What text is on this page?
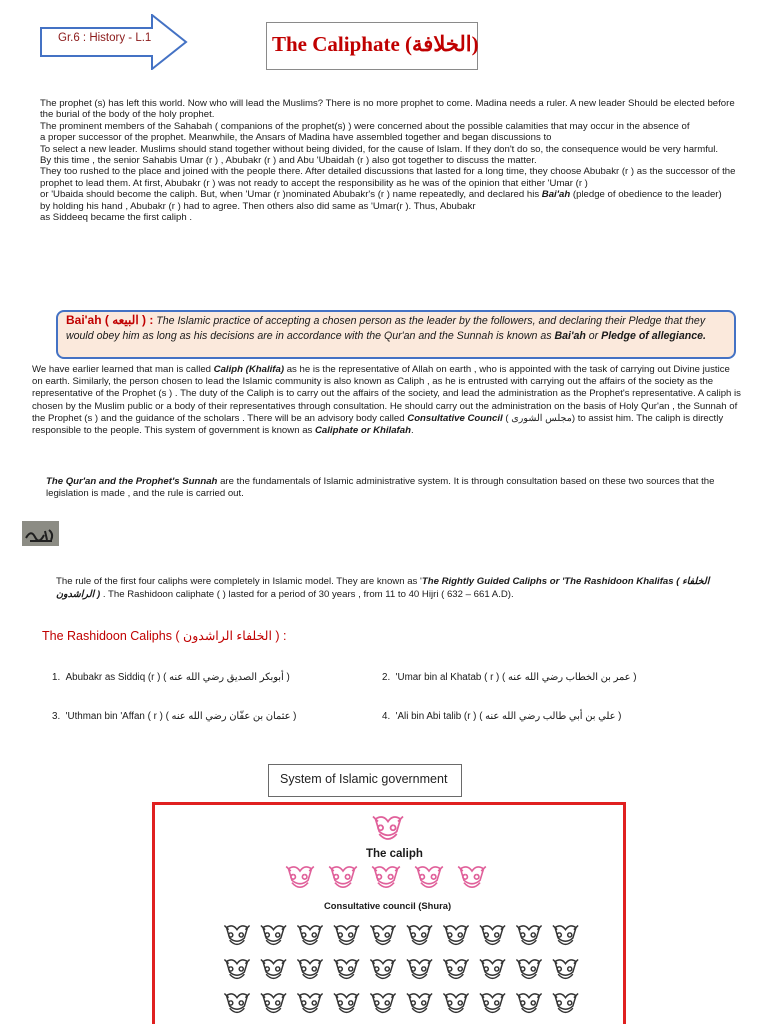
Gr.6 : History - L.1	The Caliphate (الخلافة)

The prophet (s) has left this world. Now who will lead the Muslims? There is no more prophet to come. Madina needs a ruler. A new leader Should be elected before the burial of the body of the holy prophet.

The prominent members of the Sahabah ( companions of the prophet(s) ) were concerned about the possible calamities that may occur in the absence of

a proper successor of the prophet. Meanwhile, the Ansars of Madina have assembled together and began discussions to

To select a new leader. Muslims should stand together without being divided, for the cause of Islam. If they don't do so, the consequence would be very harmful.

By this time , the senior Sahabis Umar (r ) , Abubakr (r ) and Abu 'Ubaidah (r ) also got together to discuss the matter.

They too rushed to the place and joined with the people there. After detailed discussions that lasted for a long time, they choose Abubakr (r ) as the successor of the prophet to lead them. At first, Abubakr (r ) was not ready to accept the responsibility as he was of the opinion that either 'Umar (r )

or 'Ubaida should become the caliph. But, when 'Umar (r )nominated Abubakr's (r ) name repeatedly, and declared his Bai'ah (pledge of obedience to the leader)

by holding his hand , Abubakr (r ) had to agree. Then others also did same as 'Umar(r ). Thus, Abubakr

as Siddeeq became the first caliph .

Bai'ah ( البيعه ) : The Islamic practice of accepting a chosen person as the leader by the followers, and declaring their Pledge that they would obey him as long as his decisions are in accordance with the Qur'an and the Sunnah is known as Bai'ah or Pledge of allegiance.

We have earlier learned that man is called Caliph (Khalifa) as he is the representative of Allah on earth , who is appointed with the task of carrying out Divine justice on earth. Similarly, the person chosen to lead the Islamic community is also known as Caliph , as he is entrusted with carrying out the affairs of the society as the representative of the Prophet (s ) . The duty of the Caliph is to carry out the affairs of the society, and lead the administration as the Prophet's representative. A caliph is chosen by the Muslim public or a body of their representatives through consultation. He should carry out the administration on the basis of Holy Qur'an , the Sunnah of the Prophet (s ) and the guidance of the scholars . There will be an advisory body called Consultative Council ( مجلس الشورى) to assist him. The caliph is directly responsible to the people. This system of government is known as Caliphate or Khilafah.

The Qur'an and the Prophet's Sunnah are the fundamentals of Islamic administrative system. It is through consultation based on these two sources that the legislation is made , and the rule is carried out.
The rule of the first four caliphs were completely in Islamic model. They are known as 'The Rightly Guided Caliphs or 'The Rashidoon Khalifas ( الخلفاء الراشدون ) . The Rashidoon caliphate ( ) lasted for a period of 30 years , from 11 to 40 Hijri ( 632 – 661 A.D).
The Rashidoon Caliphs ( الخلفاء الراشدون ) :
1. Abubakr as Siddiq (r ) ( أبوبكر الصديق رضي الله عنه )	2. 'Umar bin al Khatab ( r ) ( عمر بن الخطاب رضي الله عنه )
3. 'Uthman bin 'Affan ( r ) ( عثمان بن عفّان رضي الله عنه )	4. 'Ali bin Abi talib (r ) ( علي بن أبي طالب رضي الله عنه )
System of Islamic government
The caliph
Consultative council (Shura)
